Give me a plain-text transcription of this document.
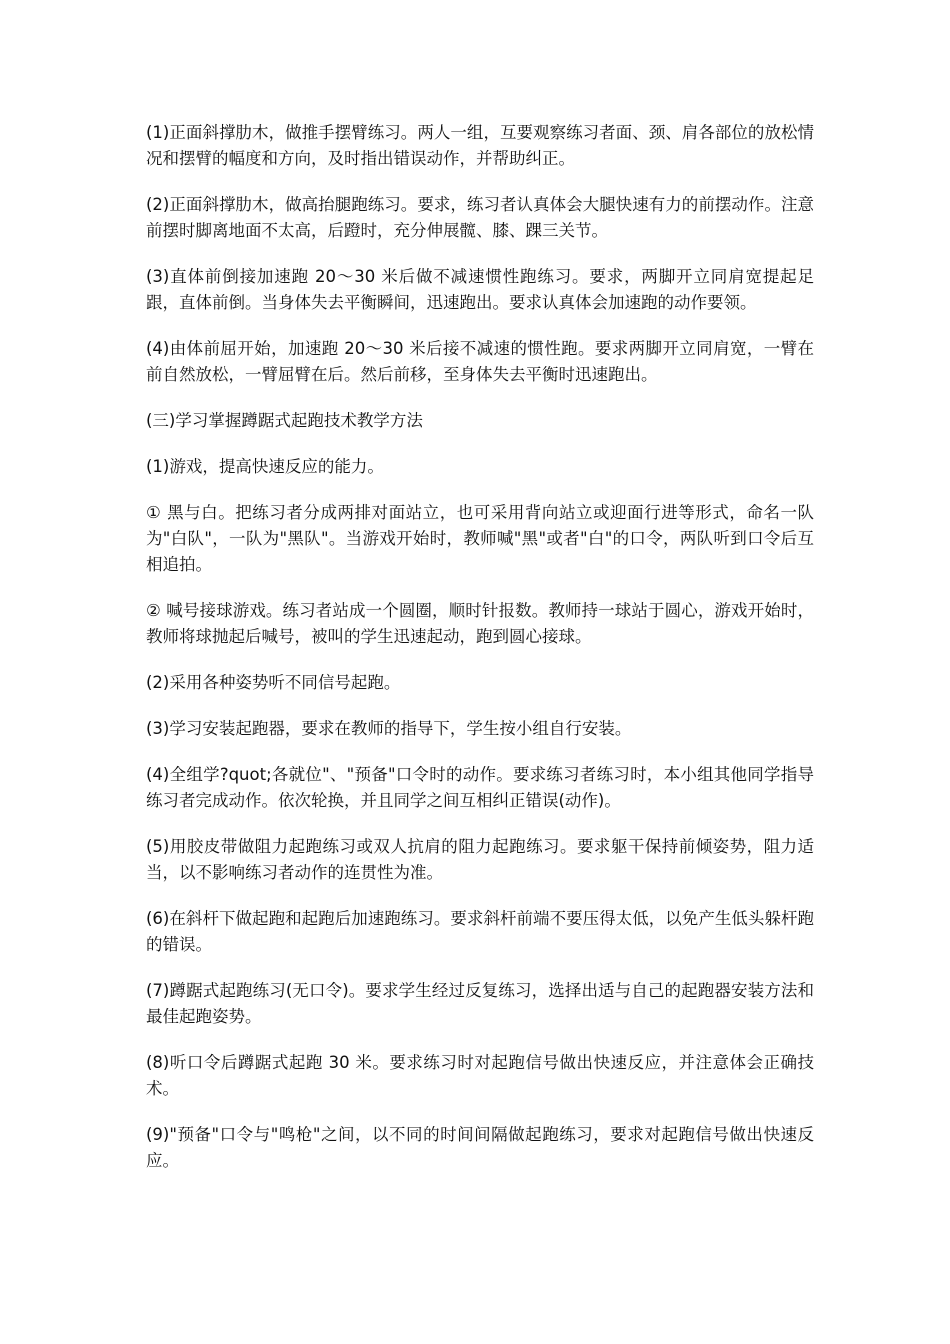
(1)正面斜撑肋木，做推手摆臂练习。两人一组，互要观察练习者面、颈、肩各部位的放松情况和摆臂的幅度和方向，及时指出错误动作，并帮助纠正。

(2)正面斜撑肋木，做高抬腿跑练习。要求，练习者认真体会大腿快速有力的前摆动作。注意前摆时脚离地面不太高，后蹬时，充分伸展髋、膝、踝三关节。

(3)直体前倒接加速跑 20～30 米后做不减速惯性跑练习。要求，两脚开立同肩宽提起足跟，直体前倒。当身体失去平衡瞬间，迅速跑出。要求认真体会加速跑的动作要领。

(4)由体前屈开始，加速跑 20～30 米后接不减速的惯性跑。要求两脚开立同肩宽，一臂在前自然放松，一臂屈臂在后。然后前移，至身体失去平衡时迅速跑出。

(三)学习掌握蹲踞式起跑技术教学方法

(1)游戏，提高快速反应的能力。

① 黑与白。把练习者分成两排对面站立，也可采用背向站立或迎面行进等形式，命名一队为"白队"，一队为"黑队"。当游戏开始时，教师喊"黑"或者"白"的口令，两队听到口令后互相追拍。

② 喊号接球游戏。练习者站成一个圆圈，顺时针报数。教师持一球站于圆心，游戏开始时，教师将球抛起后喊号，被叫的学生迅速起动，跑到圆心接球。

(2)采用各种姿势听不同信号起跑。

(3)学习安装起跑器，要求在教师的指导下，学生按小组自行安装。

(4)全组学?quot;各就位"、"预备"口令时的动作。要求练习者练习时，本小组其他同学指导练习者完成动作。依次轮换，并且同学之间互相纠正错误(动作)。

(5)用胶皮带做阻力起跑练习或双人抗肩的阻力起跑练习。要求躯干保持前倾姿势，阻力适当，以不影响练习者动作的连贯性为准。

(6)在斜杆下做起跑和起跑后加速跑练习。要求斜杆前端不要压得太低，以免产生低头躲杆跑的错误。

(7)蹲踞式起跑练习(无口令)。要求学生经过反复练习，选择出适与自己的起跑器安装方法和最佳起跑姿势。

(8)听口令后蹲踞式起跑 30 米。要求练习时对起跑信号做出快速反应，并注意体会正确技术。

(9)"预备"口令与"鸣枪"之间，以不同的时间间隔做起跑练习，要求对起跑信号做出快速反应。
